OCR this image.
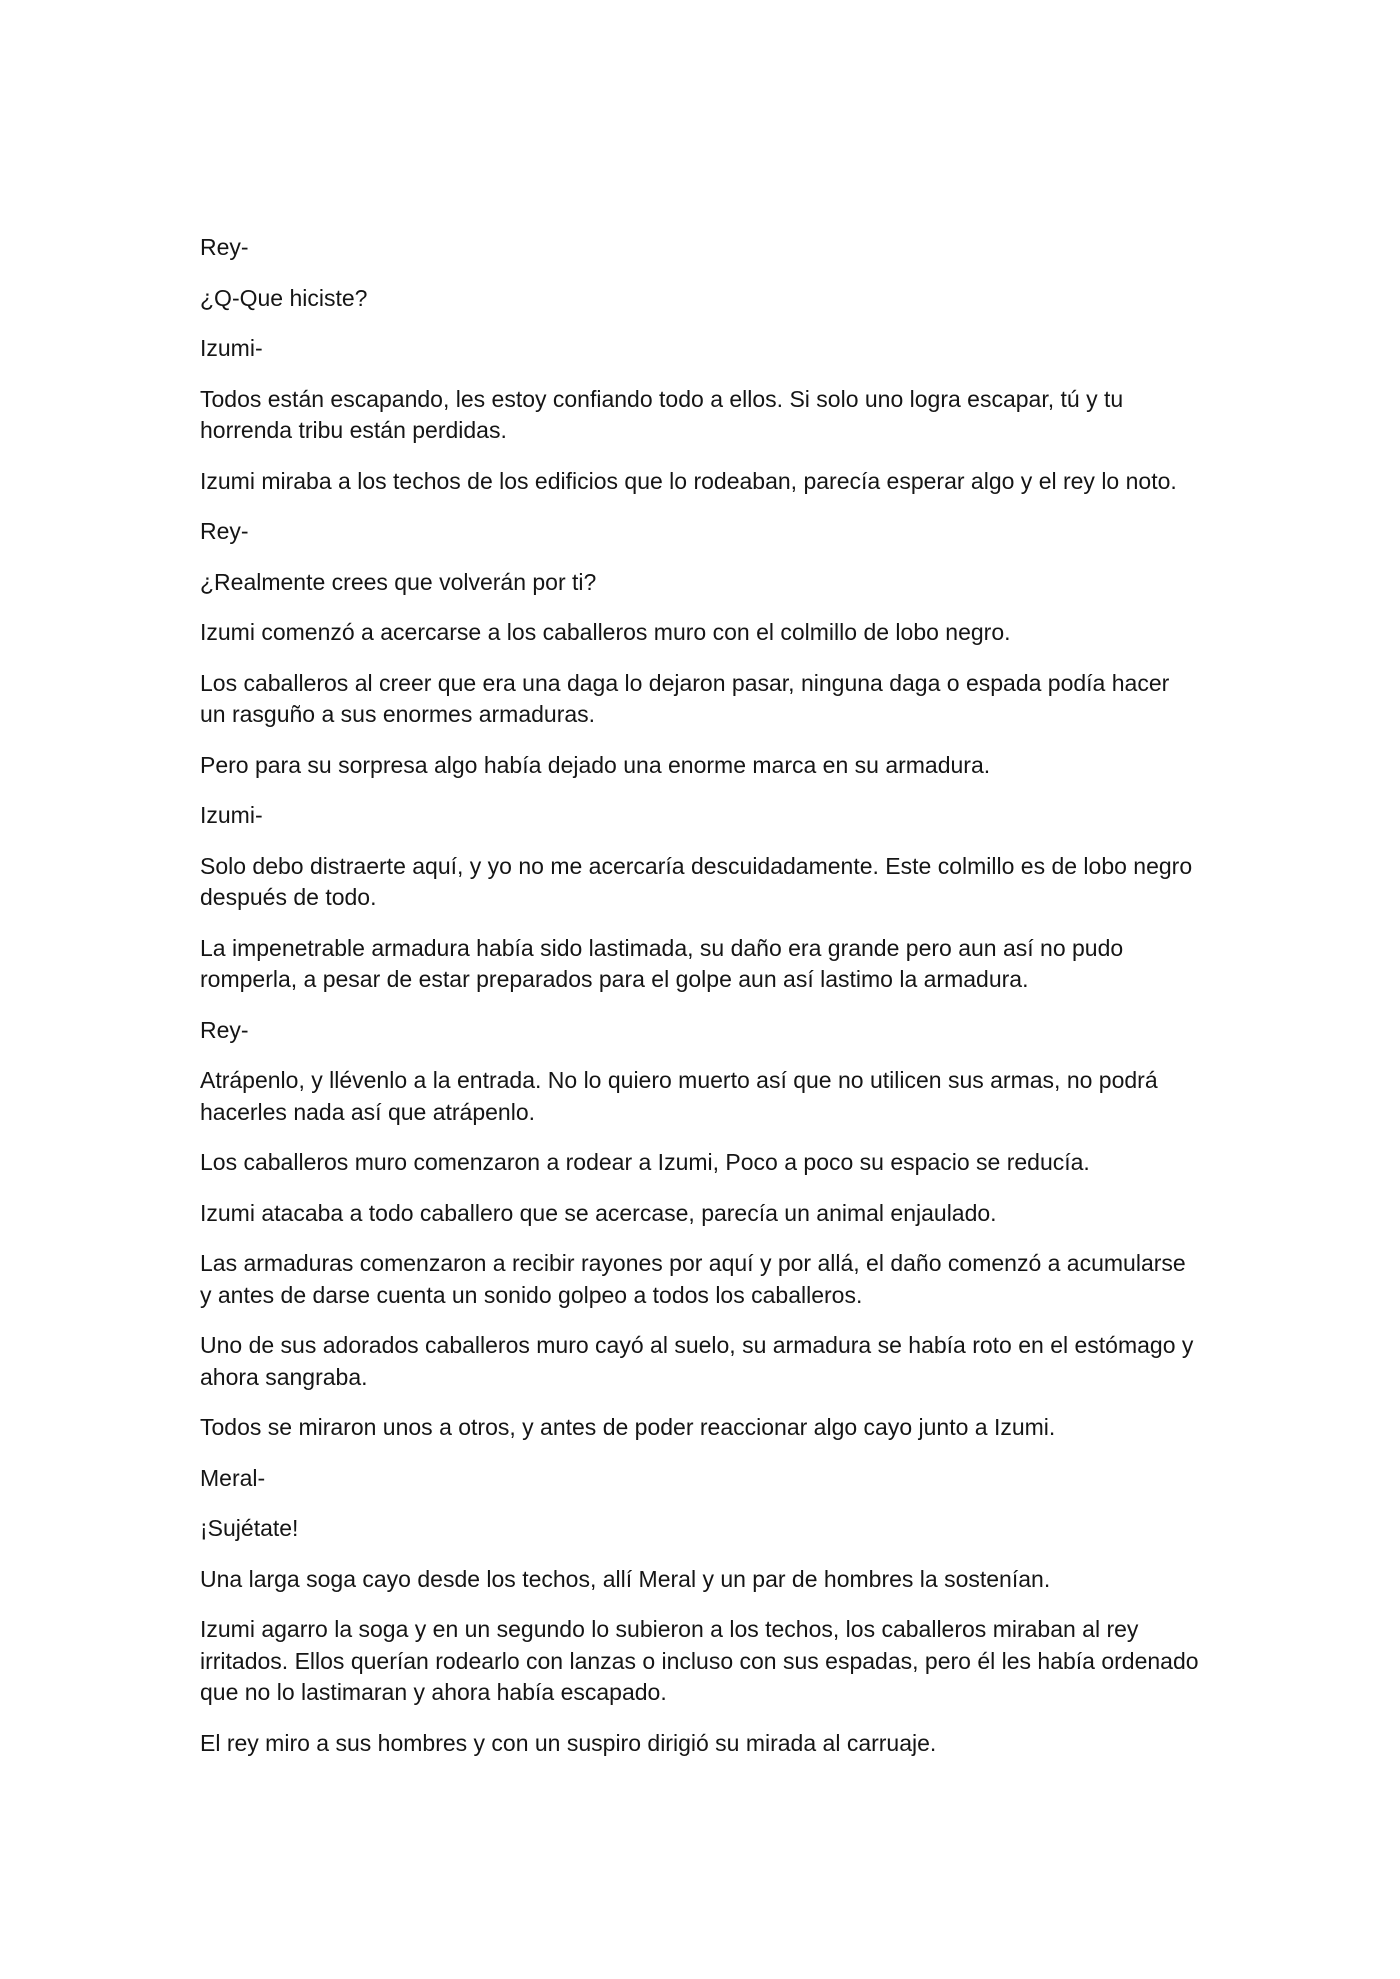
Rey-

¿Q-Que hiciste?

Izumi-

Todos están escapando, les estoy confiando todo a ellos. Si solo uno logra escapar, tú y tu horrenda tribu están perdidas.

Izumi miraba a los techos de los edificios que lo rodeaban, parecía esperar algo y el rey lo noto.

Rey-

¿Realmente crees que volverán por ti?

Izumi comenzó a acercarse a los caballeros muro con el colmillo de lobo negro.

Los caballeros al creer que era una daga lo dejaron pasar, ninguna daga o espada podía hacer un rasguño a sus enormes armaduras.

Pero para su sorpresa algo había dejado una enorme marca en su armadura.

Izumi-

Solo debo distraerte aquí, y yo no me acercaría descuidadamente. Este colmillo es de lobo negro después de todo.

La impenetrable armadura había sido lastimada, su daño era grande pero aun así no pudo romperla, a pesar de estar preparados para el golpe aun así lastimo la armadura.

Rey-

Atrápenlo, y llévenlo a la entrada. No lo quiero muerto así que no utilicen sus armas, no podrá hacerles nada así que atrápenlo.

Los caballeros muro comenzaron a rodear a Izumi, Poco a poco su espacio se reducía.

Izumi atacaba a todo caballero que se acercase, parecía un animal enjaulado.

Las armaduras comenzaron a recibir rayones por aquí y por allá, el daño comenzó a acumularse y antes de darse cuenta un sonido golpeo a todos los caballeros.

Uno de sus adorados caballeros muro cayó al suelo, su armadura se había roto en el estómago y ahora sangraba.

Todos se miraron unos a otros, y antes de poder reaccionar algo cayo junto a Izumi.

Meral-

¡Sujétate!

Una larga soga cayo desde los techos, allí Meral y un par de hombres la sostenían.

Izumi agarro la soga y en un segundo lo subieron a los techos, los caballeros miraban al rey irritados. Ellos querían rodearlo con lanzas o incluso con sus espadas, pero él les había ordenado que no lo lastimaran y ahora había escapado.

El rey miro a sus hombres y con un suspiro dirigió su mirada al carruaje.
